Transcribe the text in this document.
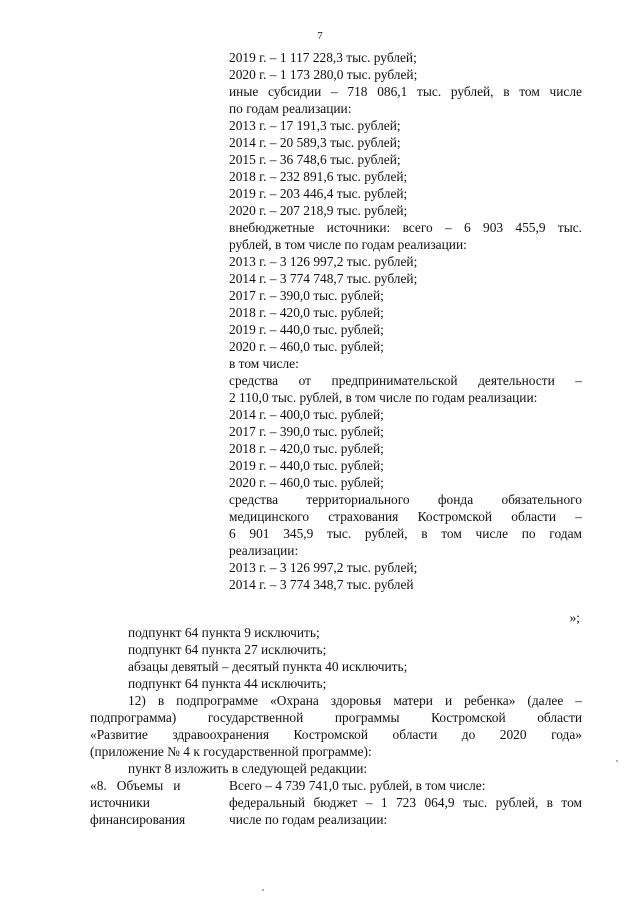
7
2019 г. – 1 117 228,3 тыс. рублей;
2020 г. – 1 173 280,0 тыс. рублей;
иные субсидии – 718 086,1 тыс. рублей, в том числе
по годам реализации:
2013 г. – 17 191,3 тыс. рублей;
2014 г. – 20 589,3 тыс. рублей;
2015 г. – 36 748,6 тыс. рублей;
2018 г. – 232 891,6 тыс. рублей;
2019 г. – 203 446,4 тыс. рублей;
2020 г. – 207 218,9 тыс. рублей;
внебюджетные источники: всего – 6 903 455,9 тыс.
рублей, в том числе по годам реализации:
2013 г. – 3 126 997,2 тыс. рублей;
2014 г. – 3 774 748,7 тыс. рублей;
2017 г. – 390,0 тыс. рублей;
2018 г. – 420,0 тыс. рублей;
2019 г. – 440,0 тыс. рублей;
2020 г. – 460,0 тыс. рублей;
в том числе:
средства от предпринимательской деятельности –
2 110,0 тыс. рублей, в том числе по годам реализации:
2014 г. – 400,0 тыс. рублей;
2017 г. – 390,0 тыс. рублей;
2018 г. – 420,0 тыс. рублей;
2019 г. – 440,0 тыс. рублей;
2020 г. – 460,0 тыс. рублей;
средства территориального фонда обязательного
медицинского страхования Костромской области –
6 901 345,9 тыс. рублей, в том числе по годам
реализации:
2013 г. – 3 126 997,2 тыс. рублей;
2014 г. – 3 774 348,7 тыс. рублей
»;
подпункт 64 пункта 9 исключить;
подпункт 64 пункта 27 исключить;
абзацы девятый – десятый пункта 40 исключить;
подпункт 64 пункта 44 исключить;
12) в подпрограмме «Охрана здоровья матери и ребенка» (далее –
подпрограмма) государственной программы Костромской области
«Развитие здравоохранения Костромской области до 2020 года»
(приложение № 4 к государственной программе):
пункт 8 изложить в следующей редакции:
«8.   Объемы   и	Всего – 4 739 741,0 тыс. рублей, в том числе:
источники	федеральный бюджет – 1 723 064,9 тыс. рублей, в том
финансирования	числе по годам реализации:
